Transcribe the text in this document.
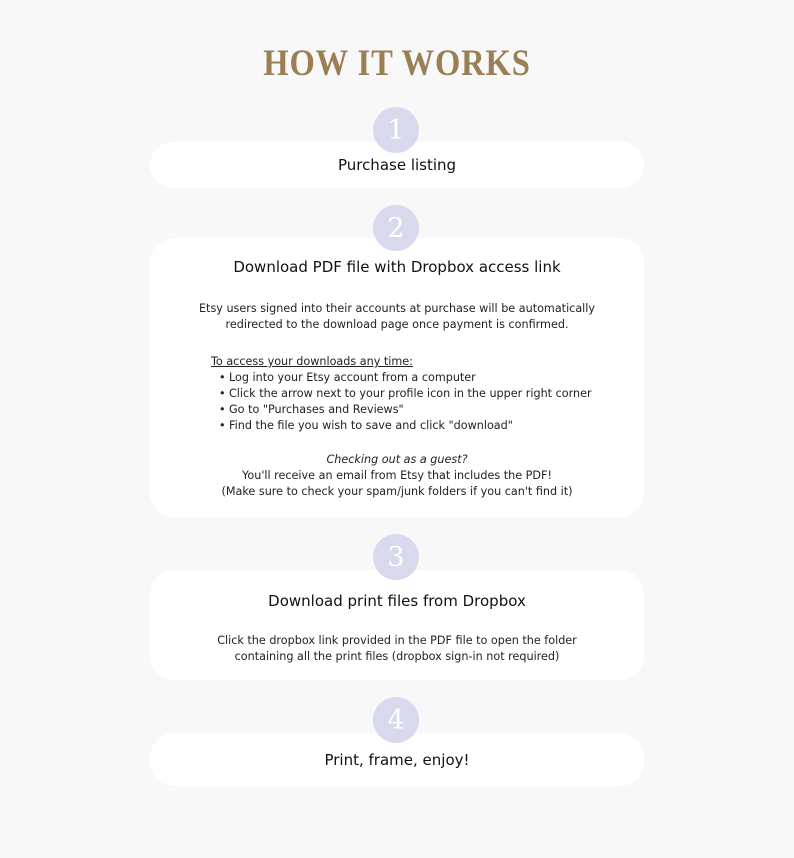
HOW IT WORKS
1

Purchase listing

2

Download PDF file with Dropbox access link

Etsy users signed into their accounts at purchase will be automatically
redirected to the download page once payment is confirmed.
To access your downloads any time:
• Log into your Etsy account from a computer
• Click the arrow next to your profile icon in the upper right corner
• Go to "Purchases and Reviews"
• Find the file you wish to save and click "download"
Checking out as a guest?
You'll receive an email from Etsy that includes the PDF!
(Make sure to check your spam/junk folders if you can't find it)
3

Download print files from Dropbox

Click the dropbox link provided in the PDF file to open the folder
containing all the print files (dropbox sign-in not required)
4

Print, frame, enjoy!
